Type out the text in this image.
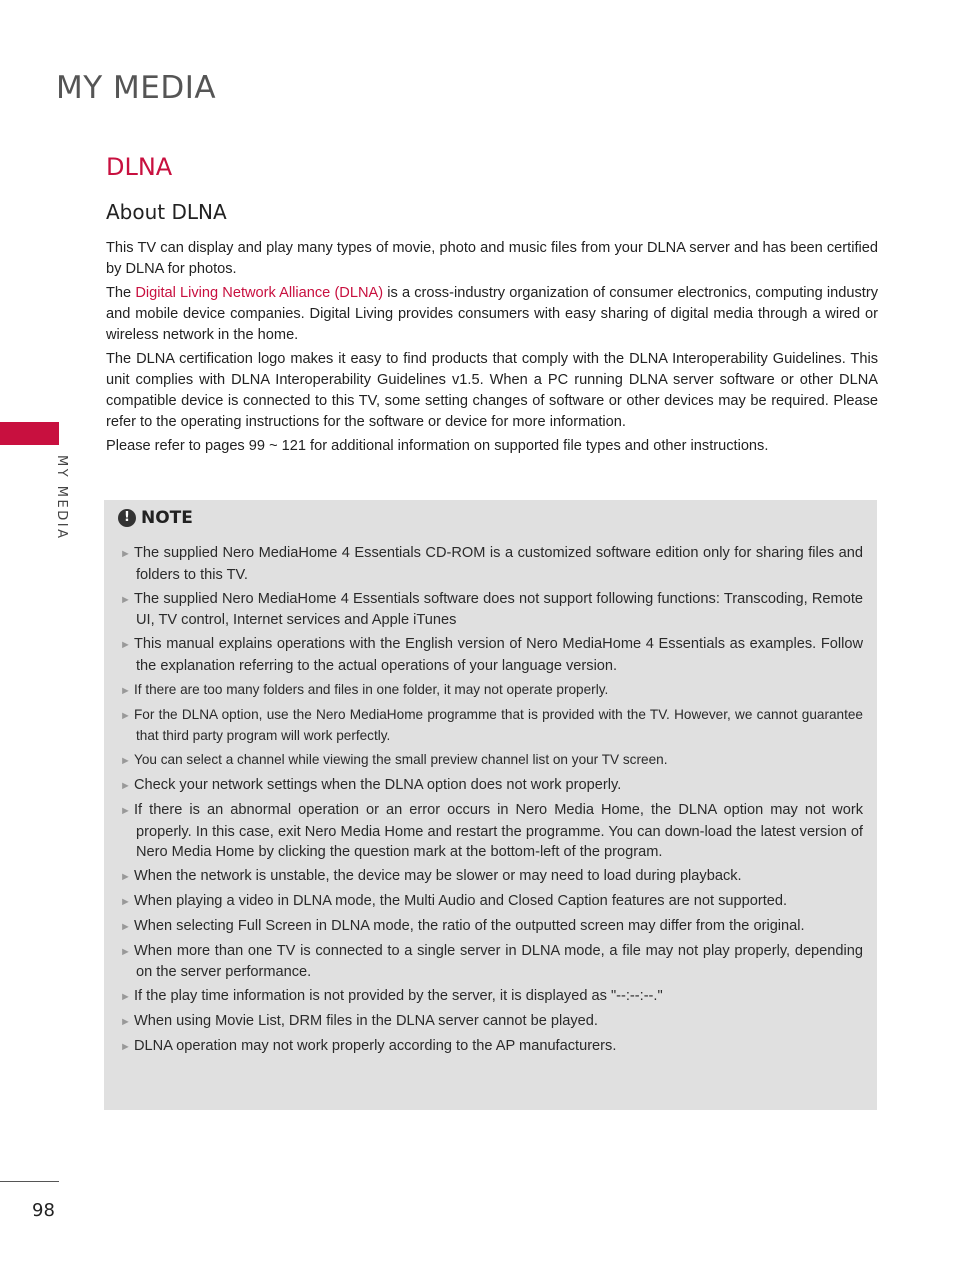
MY MEDIA
MY MEDIA
DLNA
About DLNA

This TV can display and play many types of movie, photo and music files from your DLNA server and has been certified by DLNA for photos.

The Digital Living Network Alliance (DLNA) is a cross-industry organization of consumer electronics, computing industry and mobile device companies. Digital Living provides consumers with easy sharing of digital media through a wired or wireless network in the home.

The DLNA certification logo makes it easy to find products that comply with the DLNA Interoperability Guidelines. This unit complies with DLNA Interoperability Guidelines v1.5. When a PC running DLNA server software or other DLNA compatible device is connected to this TV, some setting changes of software or other devices may be required. Please refer to the operating instructions for the software or device for more information.

Please refer to pages 99 ~ 121 for additional information on supported file types and other instructions.

! NOTE
► The supplied Nero MediaHome 4 Essentials CD-ROM is a customized software edition only for sharing files and folders to this TV.
► The supplied Nero MediaHome 4 Essentials software does not support following functions: Transcoding, Remote UI, TV control, Internet services and Apple iTunes
► This manual explains operations with the English version of Nero MediaHome 4 Essentials as examples. Follow the explanation referring to the actual operations of your language version.
► If there are too many folders and files in one folder, it may not operate properly.
► For the DLNA option, use the Nero MediaHome programme that is provided with the TV. However, we cannot guarantee that third party program will work perfectly.
► You can select a channel while viewing the small preview channel list on your TV screen.
► Check your network settings when the DLNA option does not work properly.
► If there is an abnormal operation or an error occurs in Nero Media Home, the DLNA option may not work properly. In this case, exit Nero Media Home and restart the programme. You can down-load the latest version of Nero Media Home by clicking the question mark at the bottom-left of the program.
► When the network is unstable, the device may be slower or may need to load during playback.
► When playing a video in DLNA mode, the Multi Audio and Closed Caption features are not supported.
► When selecting Full Screen in DLNA mode, the ratio of the outputted screen may differ from the original.
► When more than one TV is connected to a single server in DLNA mode, a file may not play properly, depending on the server performance.
► If the play time information is not provided by the server, it is displayed as "--:--:--."
► When using Movie List, DRM files in the DLNA server cannot be played.
► DLNA operation may not work properly according to the AP manufacturers.
98
